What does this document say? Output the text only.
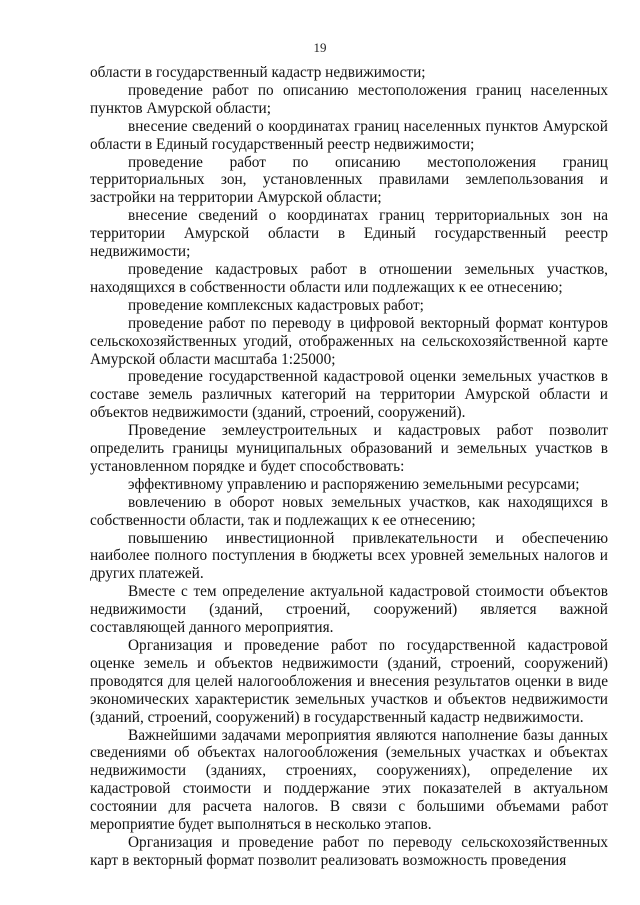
19

области в государственный кадастр недвижимости;

проведение работ по описанию местоположения границ населенных пунктов Амурской области;

внесение сведений о координатах границ населенных пунктов Амурской области в Единый государственный реестр недвижимости;

проведение работ по описанию местоположения границ территориальных зон, установленных правилами землепользования и застройки на территории Амурской области;

внесение сведений о координатах границ территориальных зон на территории Амурской области в Единый государственный реестр недвижимости;

проведение кадастровых работ в отношении земельных участков, находящихся в собственности области или подлежащих к ее отнесению;

проведение комплексных кадастровых работ;

проведение работ по переводу в цифровой векторный формат контуров сельскохозяйственных угодий, отображенных на сельскохозяйственной карте Амурской области масштаба 1:25000;

проведение государственной кадастровой оценки земельных участков в составе земель различных категорий на территории Амурской области и объектов недвижимости (зданий, строений, сооружений).

Проведение землеустроительных и кадастровых работ позволит определить границы муниципальных образований и земельных участков в установленном порядке и будет способствовать:

эффективному управлению и распоряжению земельными ресурсами;

вовлечению в оборот новых земельных участков, как находящихся в собственности области, так и подлежащих к ее отнесению;

повышению инвестиционной привлекательности и обеспечению наиболее полного поступления в бюджеты всех уровней земельных налогов и других платежей.

Вместе с тем определение актуальной кадастровой стоимости объектов недвижимости (зданий, строений, сооружений) является важной составляющей данного мероприятия.

Организация и проведение работ по государственной кадастровой оценке земель и объектов недвижимости (зданий, строений, сооружений) проводятся для целей налогообложения и внесения результатов оценки в виде экономических характеристик земельных участков и объектов недвижимости (зданий, строений, сооружений) в государственный кадастр недвижимости.

Важнейшими задачами мероприятия являются наполнение базы данных сведениями об объектах налогообложения (земельных участках и объектах недвижимости (зданиях, строениях, сооружениях), определение их кадастровой стоимости и поддержание этих показателей в актуальном состоянии для расчета налогов. В связи с большими объемами работ мероприятие будет выполняться в несколько этапов.

Организация и проведение работ по переводу сельскохозяйственных карт в векторный формат позволит реализовать возможность проведения
